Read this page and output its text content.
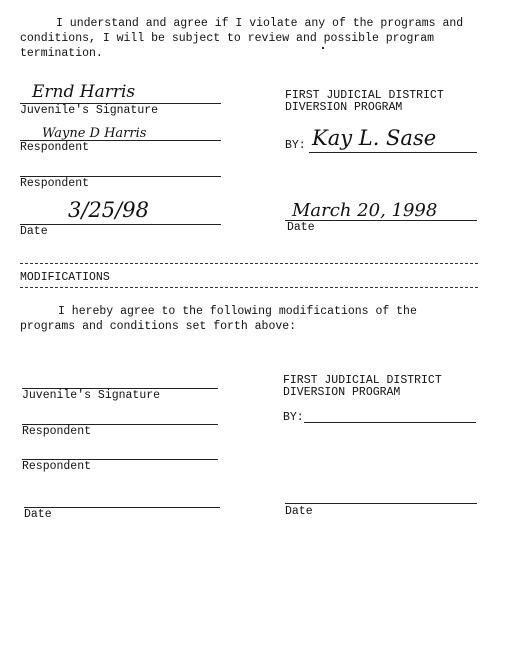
I understand and agree if I violate any of the programs and conditions, I will be subject to review and possible program termination.
Ernd Harris
Juvenile's Signature
Wayne D Harris
Respondent
Respondent
3/25/98
Date
FIRST JUDICIAL DISTRICT
DIVERSION PROGRAM
BY: Kay L. Sase
March 20, 1998
Date
MODIFICATIONS
I hereby agree to the following modifications of the programs and conditions set forth above:
Juvenile's Signature
Respondent
Respondent
Date
FIRST JUDICIAL DISTRICT
DIVERSION PROGRAM
BY:
Date
